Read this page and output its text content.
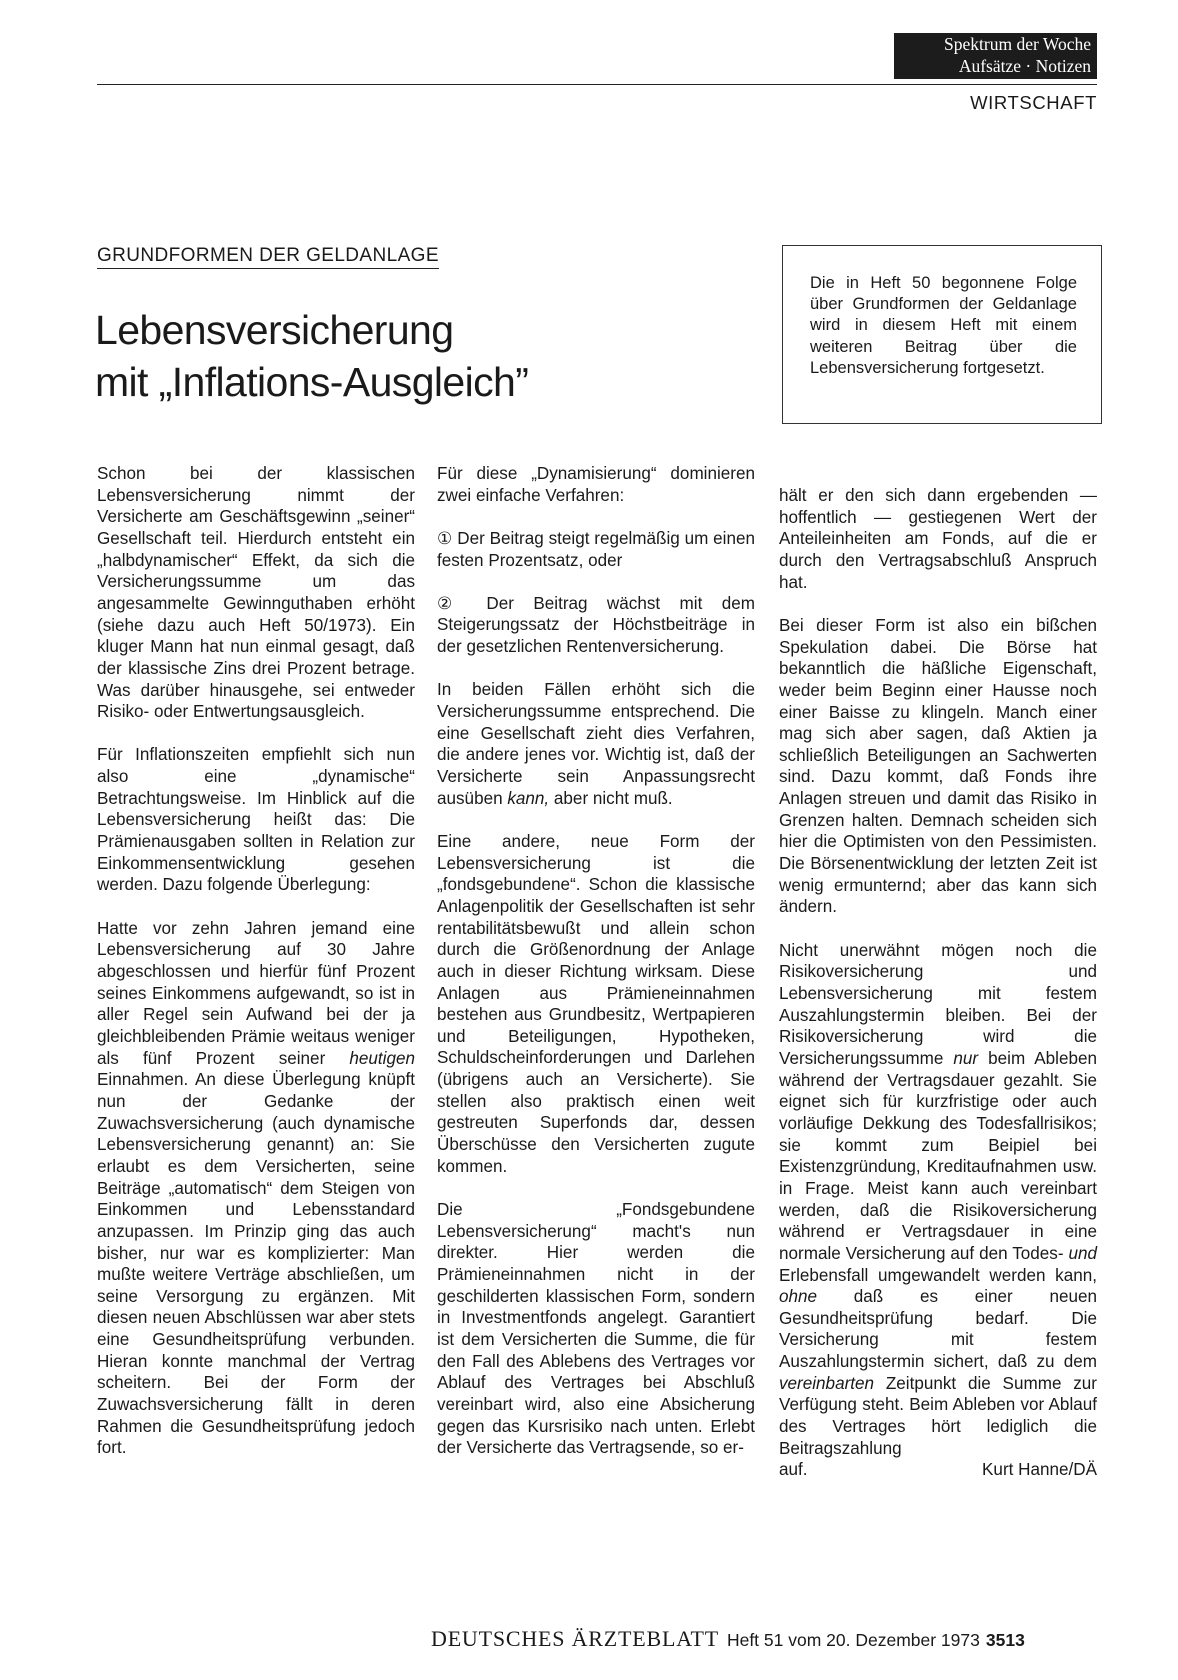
Spektrum der Woche
Aufsätze · Notizen
WIRTSCHAFT
GRUNDFORMEN DER GELDANLAGE
Lebensversicherung
mit „Inflations-Ausgleich”
Die in Heft 50 begonnene Folge über Grundformen der Geldanlage wird in diesem Heft mit einem weiteren Beitrag über die Lebensversicherung fortgesetzt.

Schon bei der klassischen Lebensversicherung nimmt der Versicherte am Geschäftsgewinn „seiner“ Gesellschaft teil. Hierdurch entsteht ein „halbdynamischer“ Effekt, da sich die Versicherungssumme um das angesammelte Gewinnguthaben erhöht (siehe dazu auch Heft 50/1973). Ein kluger Mann hat nun einmal gesagt, daß der klassische Zins drei Prozent betrage. Was darüber hinausgehe, sei entweder Risiko- oder Entwertungsausgleich.

Für Inflationszeiten empfiehlt sich nun also eine „dynamische“ Betrachtungsweise. Im Hinblick auf die Lebensversicherung heißt das: Die Prämienausgaben sollten in Relation zur Einkommensentwicklung gesehen werden. Dazu folgende Überlegung:

Hatte vor zehn Jahren jemand eine Lebensversicherung auf 30 Jahre abgeschlossen und hierfür fünf Prozent seines Einkommens aufgewandt, so ist in aller Regel sein Aufwand bei der ja gleichbleibenden Prämie weitaus weniger als fünf Prozent seiner heutigen Einnahmen. An diese Überlegung knüpft nun der Gedanke der Zuwachsversicherung (auch dynamische Lebensversicherung genannt) an: Sie erlaubt es dem Versicherten, seine Beiträge „automatisch“ dem Steigen von Einkommen und Lebensstandard anzupassen. Im Prinzip ging das auch bisher, nur war es komplizierter: Man mußte weitere Verträge abschließen, um seine Versorgung zu ergänzen. Mit diesen neuen Abschlüssen war aber stets eine Gesundheitsprüfung verbunden. Hieran konnte manchmal der Vertrag scheitern. Bei der Form der Zuwachsversicherung fällt in deren Rahmen die Gesundheitsprüfung jedoch fort.

Für diese „Dynamisierung“ dominieren zwei einfache Verfahren:

① Der Beitrag steigt regelmäßig um einen festen Prozentsatz, oder

② Der Beitrag wächst mit dem Steigerungssatz der Höchstbeiträge in der gesetzlichen Rentenversicherung.

In beiden Fällen erhöht sich die Versicherungssumme entsprechend. Die eine Gesellschaft zieht dies Verfahren, die andere jenes vor. Wichtig ist, daß der Versicherte sein Anpassungsrecht ausüben kann, aber nicht muß.

Eine andere, neue Form der Lebensversicherung ist die „fondsgebundene“. Schon die klassische Anlagenpolitik der Gesellschaften ist sehr rentabilitätsbewußt und allein schon durch die Größenordnung der Anlage auch in dieser Richtung wirksam. Diese Anlagen aus Prämieneinnahmen bestehen aus Grundbesitz, Wertpapieren und Beteiligungen, Hypotheken, Schuldscheinforderungen und Darlehen (übrigens auch an Versicherte). Sie stellen also praktisch einen weit gestreuten Superfonds dar, dessen Überschüsse den Versicherten zugute kommen.

Die „Fondsgebundene Lebensversicherung“ macht's nun direkter. Hier werden die Prämieneinnahmen nicht in der geschilderten klassischen Form, sondern in Investmentfonds angelegt. Garantiert ist dem Versicherten die Summe, die für den Fall des Ablebens des Vertrages vor Ablauf des Vertrages bei Abschluß vereinbart wird, also eine Absicherung gegen das Kursrisiko nach unten. Erlebt der Versicherte das Vertragsende, so er-

hält er den sich dann ergebenden — hoffentlich — gestiegenen Wert der Anteileinheiten am Fonds, auf die er durch den Vertragsabschluß Anspruch hat.

Bei dieser Form ist also ein bißchen Spekulation dabei. Die Börse hat bekanntlich die häßliche Eigenschaft, weder beim Beginn einer Hausse noch einer Baisse zu klingeln. Manch einer mag sich aber sagen, daß Aktien ja schließlich Beteiligungen an Sachwerten sind. Dazu kommt, daß Fonds ihre Anlagen streuen und damit das Risiko in Grenzen halten. Demnach scheiden sich hier die Optimisten von den Pessimisten. Die Börsenentwicklung der letzten Zeit ist wenig ermunternd; aber das kann sich ändern.

Nicht unerwähnt mögen noch die Risikoversicherung und Lebensversicherung mit festem Auszahlungstermin bleiben. Bei der Risikoversicherung wird die Versicherungssumme nur beim Ableben während der Vertragsdauer gezahlt. Sie eignet sich für kurzfristige oder auch vorläufige Dekkung des Todesfallrisikos; sie kommt zum Beipiel bei Existenzgründung, Kreditaufnahmen usw. in Frage. Meist kann auch vereinbart werden, daß die Risikoversicherung während er Vertragsdauer in eine normale Versicherung auf den Todes- und Erlebensfall umgewandelt werden kann, ohne daß es einer neuen Gesundheitsprüfung bedarf. Die Versicherung mit festem Auszahlungstermin sichert, daß zu dem vereinbarten Zeitpunkt die Summe zur Verfügung steht. Beim Ableben vor Ablauf des Vertrages hört lediglich die Beitragszahlung

auf.	Kurt Hanne/DÄ
DEUTSCHES ÄRZTEBLATT Heft 51 vom 20. Dezember 1973 3513
